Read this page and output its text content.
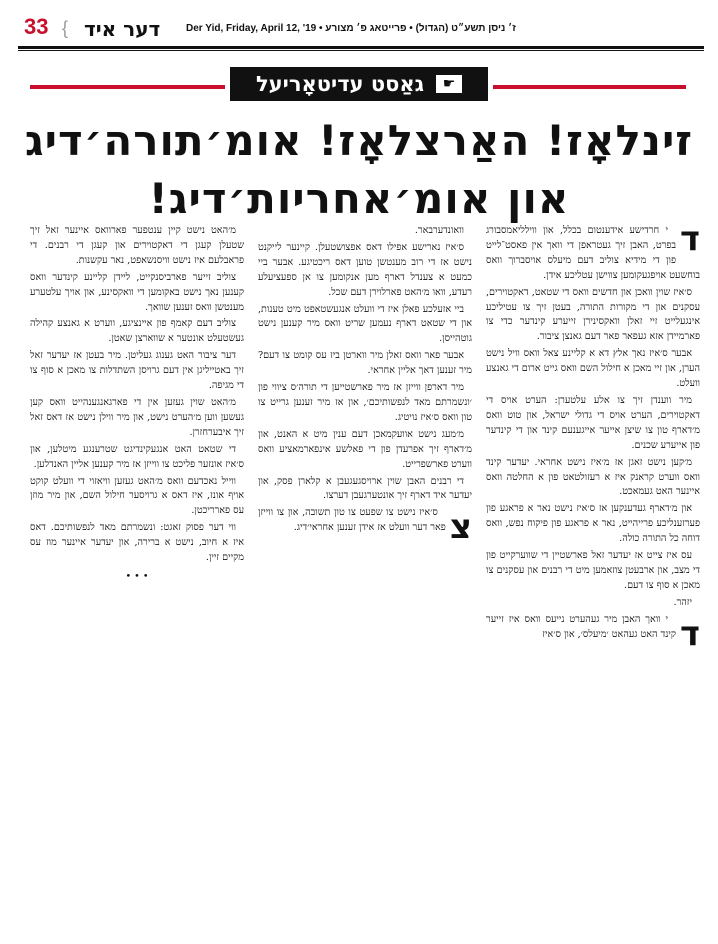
33 { דער איד	Der Yid, Friday, April 12, '19 • ז׳ ניסן תשע״ט (הגדול) • פרייטאג פ׳ מצורע
☛
גאַסט עדיטאָריעל
זינלאָז! האַרצלאָז! אומ׳תורה׳דיג
און אומ׳אחריות׳דיג!
ד

י חרדישע אידענטום בכלל, און ווילליאמסבורג בפרט, האבן זיך געטראפן די וואך אין פאסט־לייט פון די מידיא צוליב דעם מיעלס אויסברוך וואס בוחשעט אויפגעקומען צווישן עטליכע אידן.

ס׳איז שוין וואכן און חדשים וואס די שטאט, דאקטוירים, עסקנים און די מקורות התורה, בעטן זיך צו עטיליכע אינגעלייט זיי זאלן וואקסינירן זייערע קינדער כדי צו פארמיידן אזא געפאר פאר דעם גאנצן ציבור.

אבער ס׳איז נאך אלץ דא א קליינע צאל וואס וויל נישט הערן, און זיי מאכן א חילול השם וואס גייט ארום די גאנצע וועלט.

מיר ווענדן זיך צו אלע עלטערן: הערט אויס די דאקטוירים, הערט אויס די גדולי ישראל, און טוט וואס מ׳דארף טון צו שיצן אייער אייגענעם קינד און די קינדער פון אייערע שכנים.

מ׳קען נישט זאגן אז מ׳איז נישט אחראי. יעדער קינד וואס ווערט קראנק איז א רעזולטאט פון א החלטה וואס איינער האט געמאכט.

און מ׳דארף געדענקען אז ס׳איז נישט נאר א פראגע פון פערזענליכע פרייהייט, נאר א פראגע פון פיקוח נפש, וואס דוחה כל התורה כולה.

עס איז צייט אז יעדער זאל פארשטיין די שווערקייט פון די מצב, און ארבעטן צוזאמען מיט די רבנים און עסקנים צו מאכן א סוף צו דעם.

יזהר.

ד

י וואך האבן מיר געהערט נייעס וואס איז זייער קינד האט געהאט ׳מיעלס׳, און ס׳איז

וואונדערבאר.

ס׳איז נארישע אפילו דאס אפצושטעלן. קיינער לייקנט נישט אז די רוב מענטשן טוען דאס ריכטיגע. אבער ביי כמעט א צענדל דארף מען אנקומען צו אן ספעציעלע רעדע, וואו מ׳האט פארלוירן דעם שכל.

ביי אזעלכע פאלן איז די וועלט אנגעשטאפט מיט טענות, און די שטאט דארף נעמען שריט וואס מיר קענען נישט גוטהייסן.

אבער פאר וואס זאלן מיר ווארטן ביז עס קומט צו דעם? מיר זענען דאך אליין אחראי.

מיר דארפן ווייזן אז מיר פארשטייען די תורה׳ס ציווי פון ׳ונשמרתם מאד לנפשותיכם׳, און אז מיר זענען גרייט צו טון וואס ס׳איז נויטיג.

מ׳מעג נישט אוועקמאכן דעם ענין מיט א האנט, און מ׳דארף זיך אפרעדן פון די פאלשע אינפארמאציע וואס ווערט פארשפרייט.

די רבנים האבן שוין ארויסגעגעבן א קלארן פסק, און יעדער איד דארף זיך אונטערגעבן דערצו.

צ

ס׳איז נישט צו שפעט צו טון תשובה, און צו ווייזן פאר דער וועלט אז אידן זענען אחראי׳דיג.

מ׳האט נישט קיין ענטפער פארוואס איינער זאל זיך שטעלן קעגן די דאקטוירים און קעגן די רבנים. די פראבלעם איז נישט וויסנשאפט, נאר עקשנות.

צוליב זייער פארביסנקייט, ליידן קליינע קינדער וואס קענען נאך נישט באקומען די וואקסינע, און אויך עלטערע מענטשן וואס זענען שוואך.

צוליב דעם קאמף פון איינציגע, ווערט א גאנצע קהילה געשטעלט אונטער א שווארצן שאטן.

דער ציבור האט גענוג געליטן. מיר בעטן אז יעדער זאל זיך באטייליגן אין דעם גרויסן השתדלות צו מאכן א סוף צו די מגיפה.

מ׳האט שוין געזען אין די פארגאנגענהייט וואס קען געשען ווען מ׳הערט נישט, און מיר ווילן נישט אז דאס זאל זיך איבערחזרן.

די שטאט האט אנגעקינדיגט שטרענגע מיטלען, און ס׳איז אונזער פליכט צו ווייזן אז מיר קענען אליין האנדלען.

ווייל נאכדעם וואס מ׳האט געזען וויאזוי די וועלט קוקט אויף אונז, איז דאס א גרויסער חילול השם, און מיר מוזן עס פארריכטן.

ווי דער פסוק זאגט: ונשמרתם מאד לנפשותיכם. דאס איז א חיוב, נישט א ברירה, און יעדער איינער מוז עס מקיים זיין.

• • •
